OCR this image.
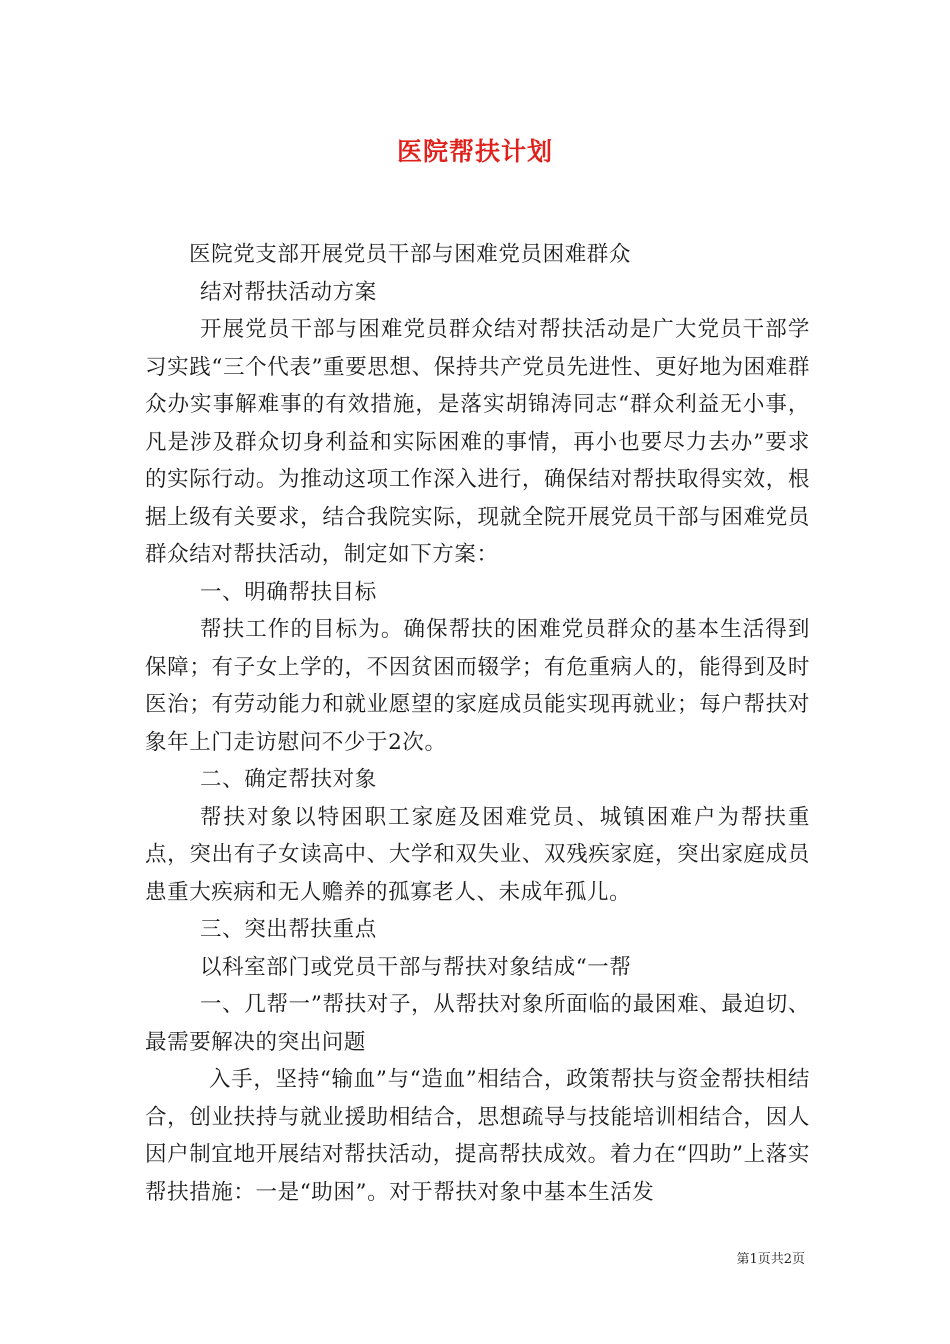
医院帮扶计划

医院党支部开展党员干部与困难党员困难群众

结对帮扶活动方案

开展党员干部与困难党员群众结对帮扶活动是广大党员干部学习实践“三个代表”重要思想、保持共产党员先进性、更好地为困难群众办实事解难事的有效措施，是落实胡锦涛同志“群众利益无小事，凡是涉及群众切身利益和实际困难的事情，再小也要尽力去办”要求的实际行动。为推动这项工作深入进行，确保结对帮扶取得实效，根据上级有关要求，结合我院实际，现就全院开展党员干部与困难党员群众结对帮扶活动，制定如下方案：

一、明确帮扶目标

帮扶工作的目标为。确保帮扶的困难党员群众的基本生活得到保障；有子女上学的，不因贫困而辍学；有危重病人的，能得到及时医治；有劳动能力和就业愿望的家庭成员能实现再就业；每户帮扶对象年上门走访慰问不少于2次。

二、确定帮扶对象

帮扶对象以特困职工家庭及困难党员、城镇困难户为帮扶重点，突出有子女读高中、大学和双失业、双残疾家庭，突出家庭成员患重大疾病和无人赡养的孤寡老人、未成年孤儿。

三、突出帮扶重点

以科室部门或党员干部与帮扶对象结成“一帮

一、几帮一”帮扶对子，从帮扶对象所面临的最困难、最迫切、最需要解决的突出问题

入手，坚持“输血”与“造血”相结合，政策帮扶与资金帮扶相结合，创业扶持与就业援助相结合，思想疏导与技能培训相结合，因人因户制宜地开展结对帮扶活动，提高帮扶成效。着力在“四助”上落实帮扶措施：一是“助困”。对于帮扶对象中基本生活发

第1页共2页
